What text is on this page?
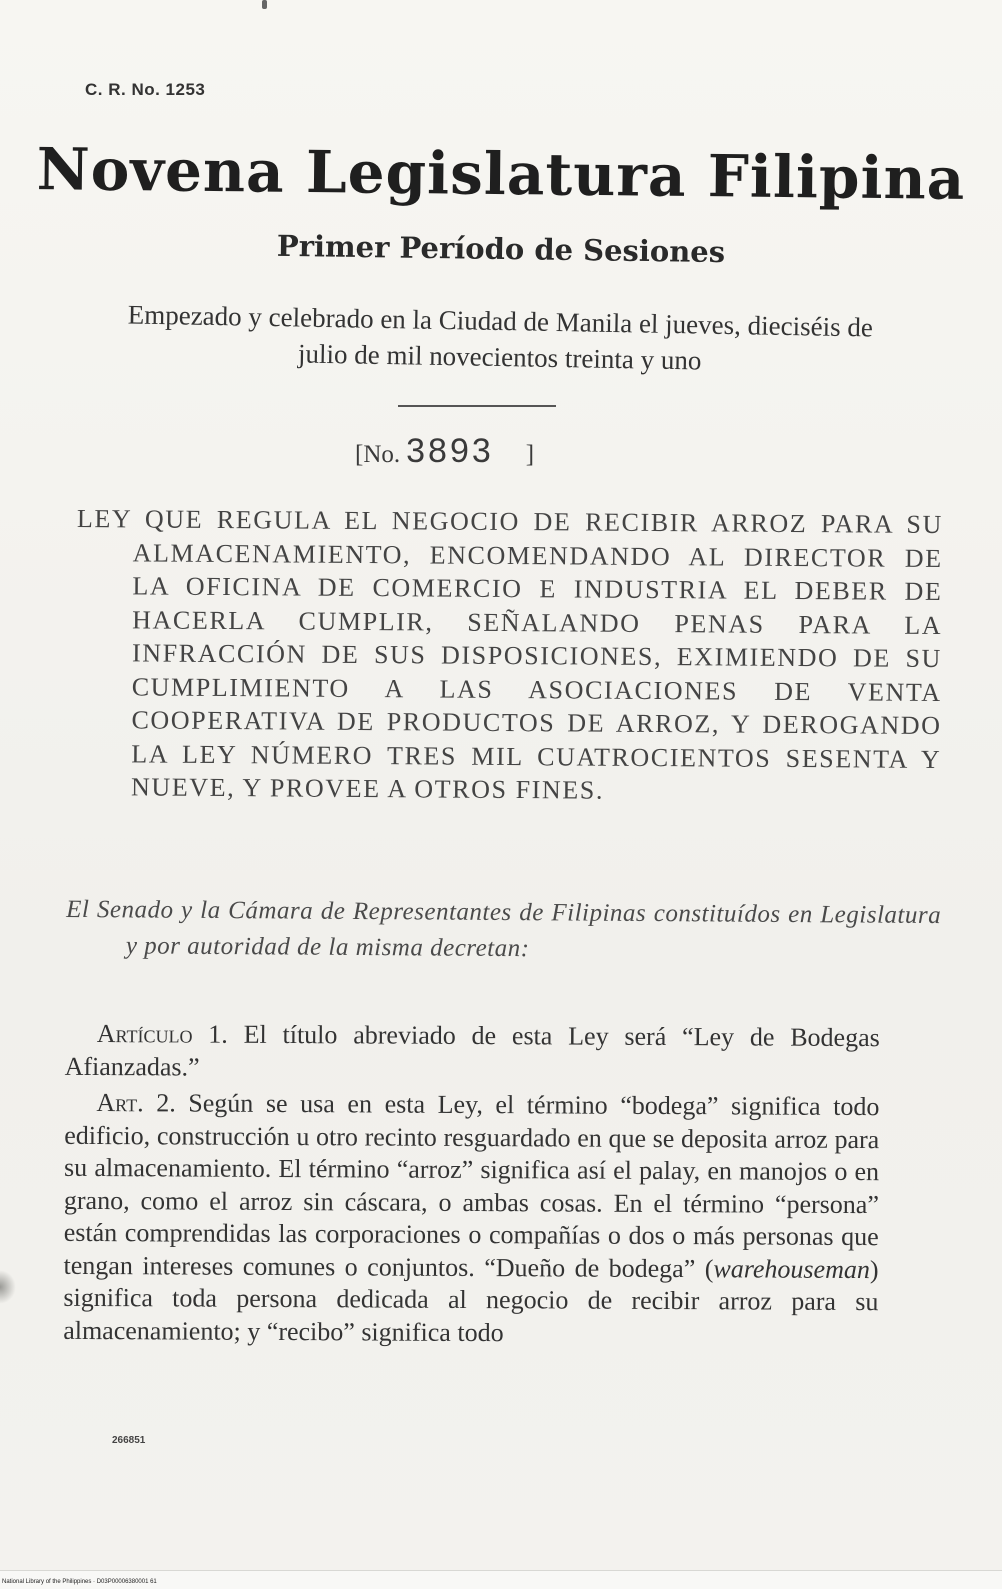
C. R. No. 1253
Novena Legislatura Filipina
Primer Período de Sesiones
Empezado y celebrado en la Ciudad de Manila el jueves, dieciséis de julio de mil novecientos treinta y uno
[No. 3893 ]
LEY QUE REGULA EL NEGOCIO DE RECIBIR ARROZ PARA SU ALMACENAMIENTO, ENCOMENDANDO AL DIRECTOR DE LA OFICINA DE COMERCIO E INDUSTRIA EL DEBER DE HACERLA CUMPLIR, SEÑALANDO PENAS PARA LA INFRACCIÓN DE SUS DISPOSICIONES, EXIMIENDO DE SU CUMPLIMIENTO A LAS ASOCIACIONES DE VENTA COOPERATIVA DE PRODUCTOS DE ARROZ, Y DEROGANDO LA LEY NÚMERO TRES MIL CUATROCIENTOS SESENTA Y NUEVE, Y PROVEE A OTROS FINES.
El Senado y la Cámara de Representantes de Filipinas constituídos en Legislatura y por autoridad de la misma decretan:

Artículo 1. El título abreviado de esta Ley será “Ley de Bodegas Afianzadas.”

Art. 2. Según se usa en esta Ley, el término “bodega” significa todo edificio, construcción u otro recinto resguardado en que se deposita arroz para su almacenamiento. El término “arroz” significa así el palay, en manojos o en grano, como el arroz sin cáscara, o ambas cosas. En el término “persona” están comprendidas las corporaciones o compañías o dos o más personas que tengan intereses comunes o conjuntos. “Dueño de bodega” (warehouseman) significa toda persona dedicada al negocio de recibir arroz para su almacenamiento; y “recibo” significa todo

266851
National Library of the Philippines · D03P00006380001 61
